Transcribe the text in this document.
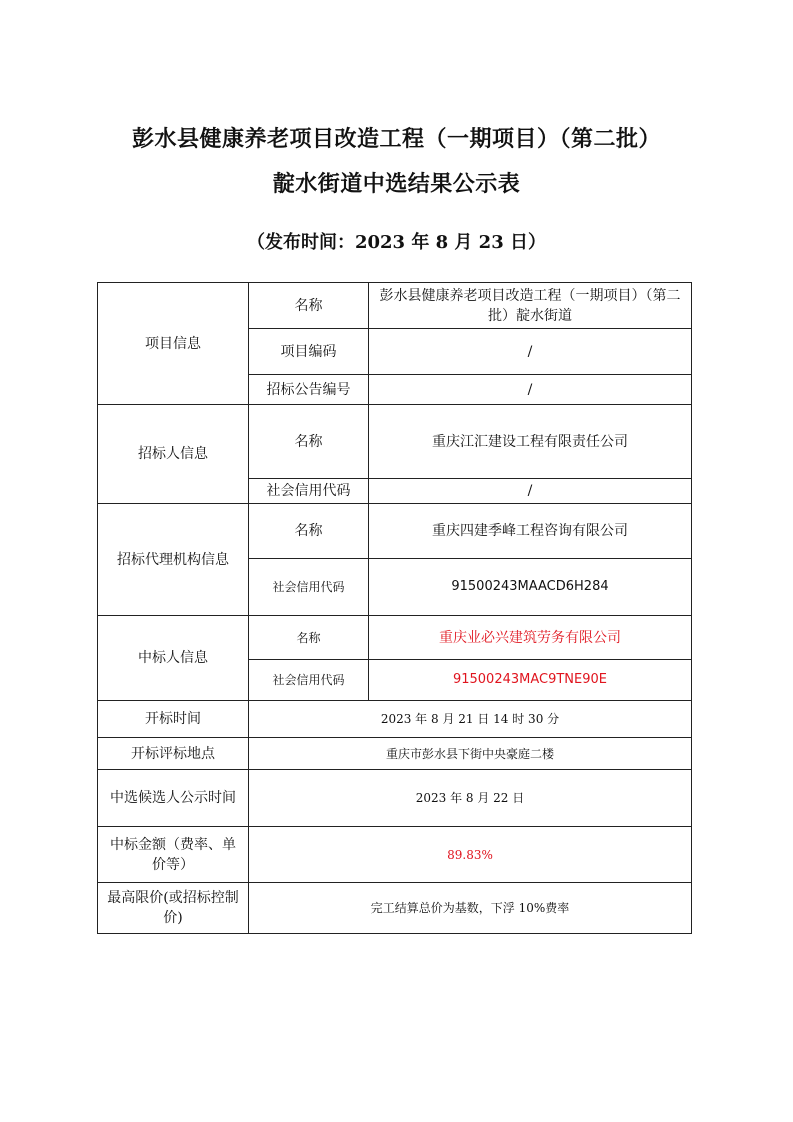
彭水县健康养老项目改造工程（一期项目）（第二批）
靛水街道中选结果公示表
（发布时间：2023 年 8 月 23 日）
项目信息	名称	彭水县健康养老项目改造工程（一期项目）（第二批）靛水街道
	项目编码	/
	招标公告编号	/
招标人信息	名称	重庆江汇建设工程有限责任公司
	社会信用代码	/
招标代理机构信息	名称	重庆四建季峰工程咨询有限公司
	社会信用代码	91500243MAACD6H284
中标人信息	名称	重庆业必兴建筑劳务有限公司
	社会信用代码	91500243MAC9TNE90E
开标时间	2023 年 8 月 21 日 14 时 30 分	
开标评标地点	重庆市彭水县下街中央豪庭二楼	
中选候选人公示时间	2023 年 8 月 22 日	
中标金额（费率、单价等）	89.83%	
最高限价(或招标控制价)	完工结算总价为基数，下浮 10%费率	
